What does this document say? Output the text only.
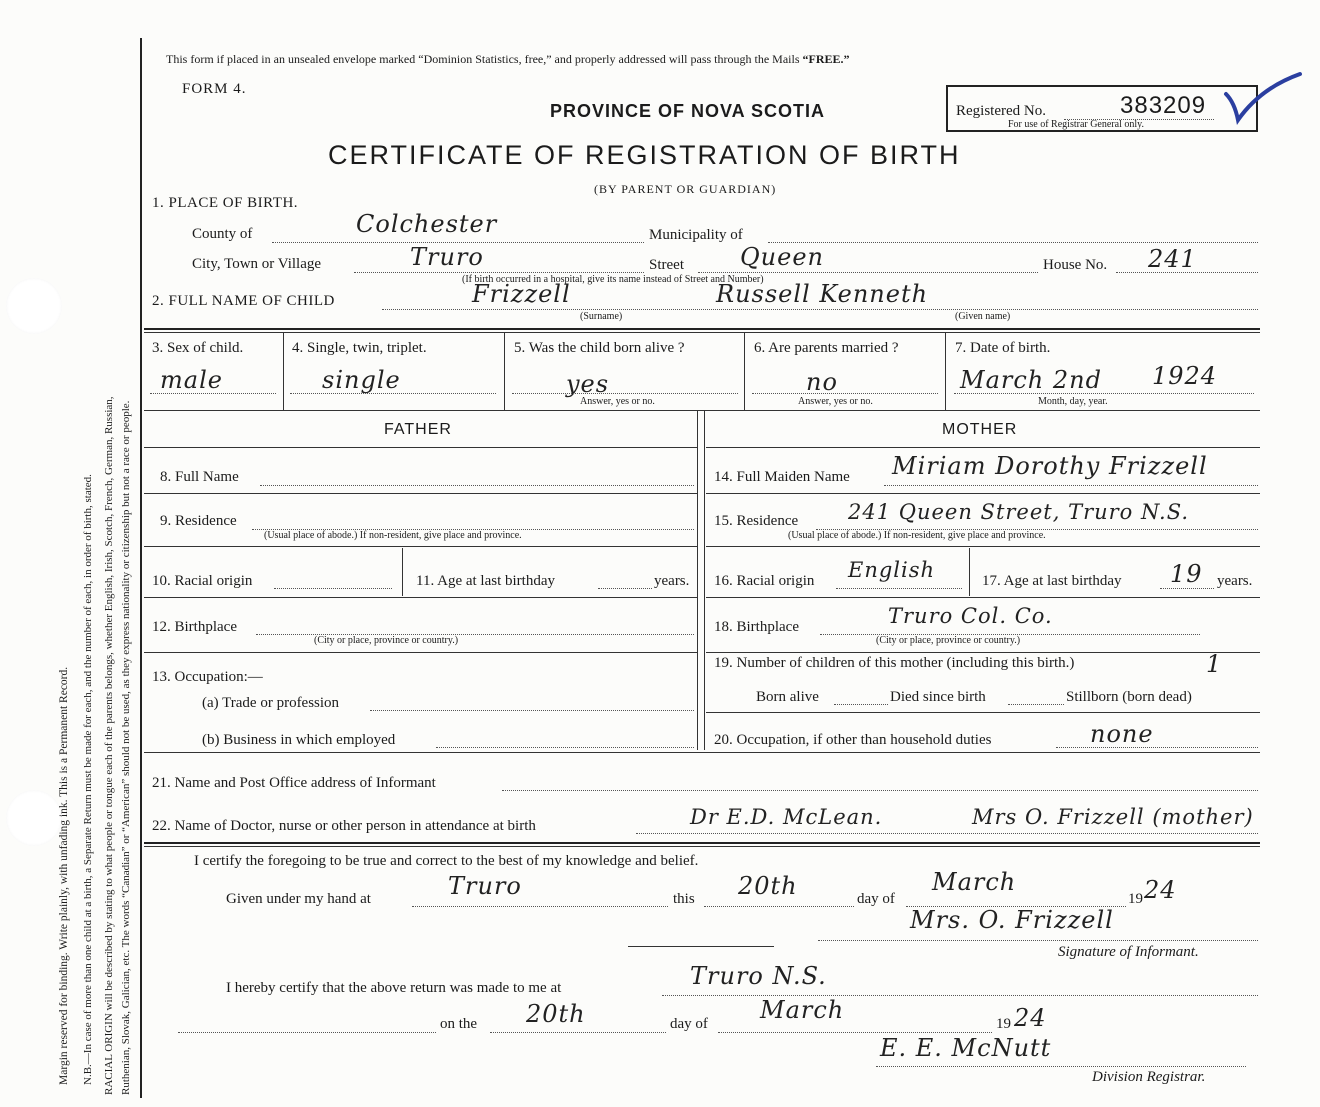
Margin reserved for binding. Write plainly, with unfading ink. This is a Permanent Record. N.B.—In case of more than one child at a birth, a Separate Return must be made for each, and the number of each, in order of birth, stated. RACIAL ORIGIN will be described by stating to what people or tongue each of the parents belongs, whether English, Irish, Scotch, French, German, Russian, Ruthenian, Slovak, Galician, etc. The words “Canadian” or “American” should not be used, as they express nationality or citizenship but not a race or people.
This form if placed in an unsealed envelope marked “Dominion Statistics, free,” and properly addressed will pass through the Mails “FREE.”
FORM 4.
PROVINCE OF NOVA SCOTIA	Registered No.	383209
For use of Registrar General only.
CERTIFICATE OF REGISTRATION OF BIRTH
(BY PARENT OR GUARDIAN)
1. PLACE OF BIRTH.
County of	Colchester	Municipality of
City, Town or Village	Truro	Street Queen	House No. 241
(If birth occurred in a hospital, give its name instead of Street and Number)
2. FULL NAME OF CHILD	Frizzell	Russell Kenneth
(Surname)	(Given name)
3. Sex of child.
male
4. Single, twin, triplet.
single
5. Was the child born alive ?
yes
Answer, yes or no.
6. Are parents married ?
no
Answer, yes or no.
7. Date of birth.
March 2nd 1924
Month, day, year.
FATHER	MOTHER
8. Full Name	14. Full Maiden Name Miriam Dorothy Frizzell
9. Residence
(Usual place of abode.) If non-resident, give place and province.
15. Residence 241 Queen Street, Truro N.S.
(Usual place of abode.) If non-resident, give place and province.
10. Racial origin	11. Age at last birthday	years. 16. Racial origin English	17. Age at last birthday 19 years.
12. Birthplace
(City or place, province or country.)
18. Birthplace	Truro Col. Co.
(City or place, province or country.)
13. Occupation:—
(a) Trade or profession
(b) Business in which employed
19. Number of children of this mother (including this birth.)	1
Born alive	Died since birth	Stillborn (born dead)
20. Occupation, if other than household duties	none
21. Name and Post Office address of Informant
22. Name of Doctor, nurse or other person in attendance at birth	Dr E.D. McLean.	Mrs O. Frizzell (mother)
I certify the foregoing to be true and correct to the best of my knowledge and belief.
Given under my hand at	Truro	this 20th	day of
March
19 24
Mrs. O. Frizzell
Signature of Informant.
I hereby certify that the above return was made to me at	Truro N.S.
on the 20th	day of March	19 24
E. E. McNutt
Division Registrar.
